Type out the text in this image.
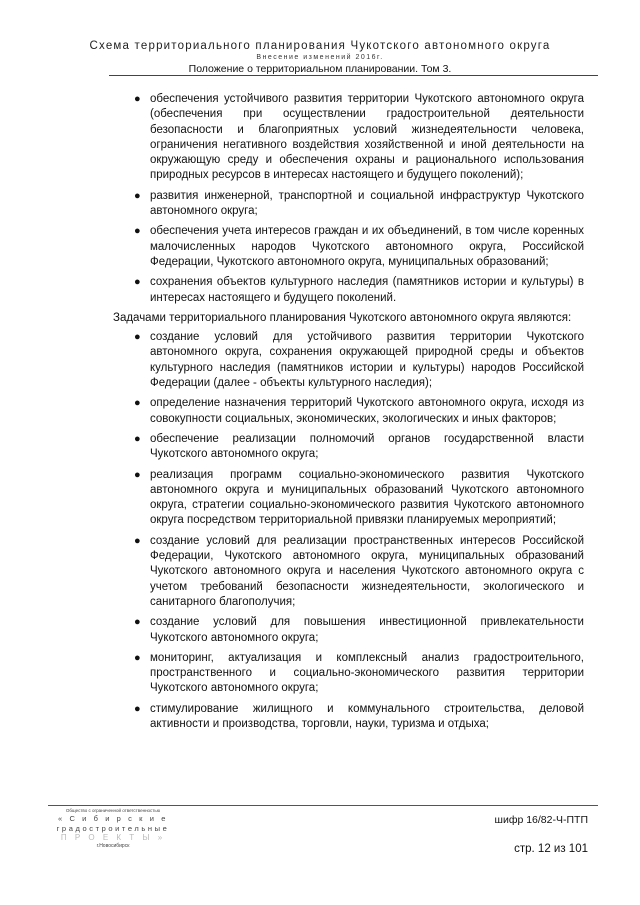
Схема территориального планирования Чукотского автономного округа
Внесение изменений 2016г.
Положение о территориальном планировании. Том 3.
● обеспечения устойчивого развития территории Чукотского автономного округа (обеспечения при осуществлении градостроительной деятельности безопасности и благоприятных условий жизнедеятельности человека, ограничения негативного воздействия хозяйственной и иной деятельности на окружающую среду и обеспечения охраны и рационального использования природных ресурсов в интересах настоящего и будущего поколений);
● развития инженерной, транспортной и социальной инфраструктур Чукотского автономного округа;
● обеспечения учета интересов граждан и их объединений, в том числе коренных малочисленных народов Чукотского автономного округа, Российской Федерации, Чукотского автономного округа, муниципальных образований;
● сохранения объектов культурного наследия (памятников истории и культуры) в интересах настоящего и будущего поколений.

Задачами территориального планирования Чукотского автономного округа являются:

● создание условий для устойчивого развития территории Чукотского автономного округа, сохранения окружающей природной среды и объектов культурного наследия (памятников истории и культуры) народов Российской Федерации (далее - объекты культурного наследия);
● определение назначения территорий Чукотского автономного округа, исходя из совокупности социальных, экономических, экологических и иных факторов;
● обеспечение реализации полномочий органов государственной власти Чукотского автономного округа;
● реализация программ социально-экономического развития Чукотского автономного округа и муниципальных образований Чукотского автономного округа, стратегии социально-экономического развития Чукотского автономного округа посредством территориальной привязки планируемых мероприятий;
● создание условий для реализации пространственных интересов Российской Федерации, Чукотского автономного округа, муниципальных образований Чукотского автономного округа и населения Чукотского автономного округа с учетом требований безопасности жизнедеятельности, экологического и санитарного благополучия;
● создание условий для повышения инвестиционной привлекательности Чукотского автономного округа;
● мониторинг, актуализация и комплексный анализ градостроительного, пространственного и социально-экономического развития территории Чукотского автономного округа;
● стимулирование жилищного и коммунального строительства, деловой активности и производства, торговли, науки, туризма и отдыха;
Общество с ограниченной ответственностью
« С и б и р с к и е
градостроительные
П Р О Е К Т Ы »
г.Новосибирск
шифр 16/82-Ч-ПТП
стр. 12 из 101
